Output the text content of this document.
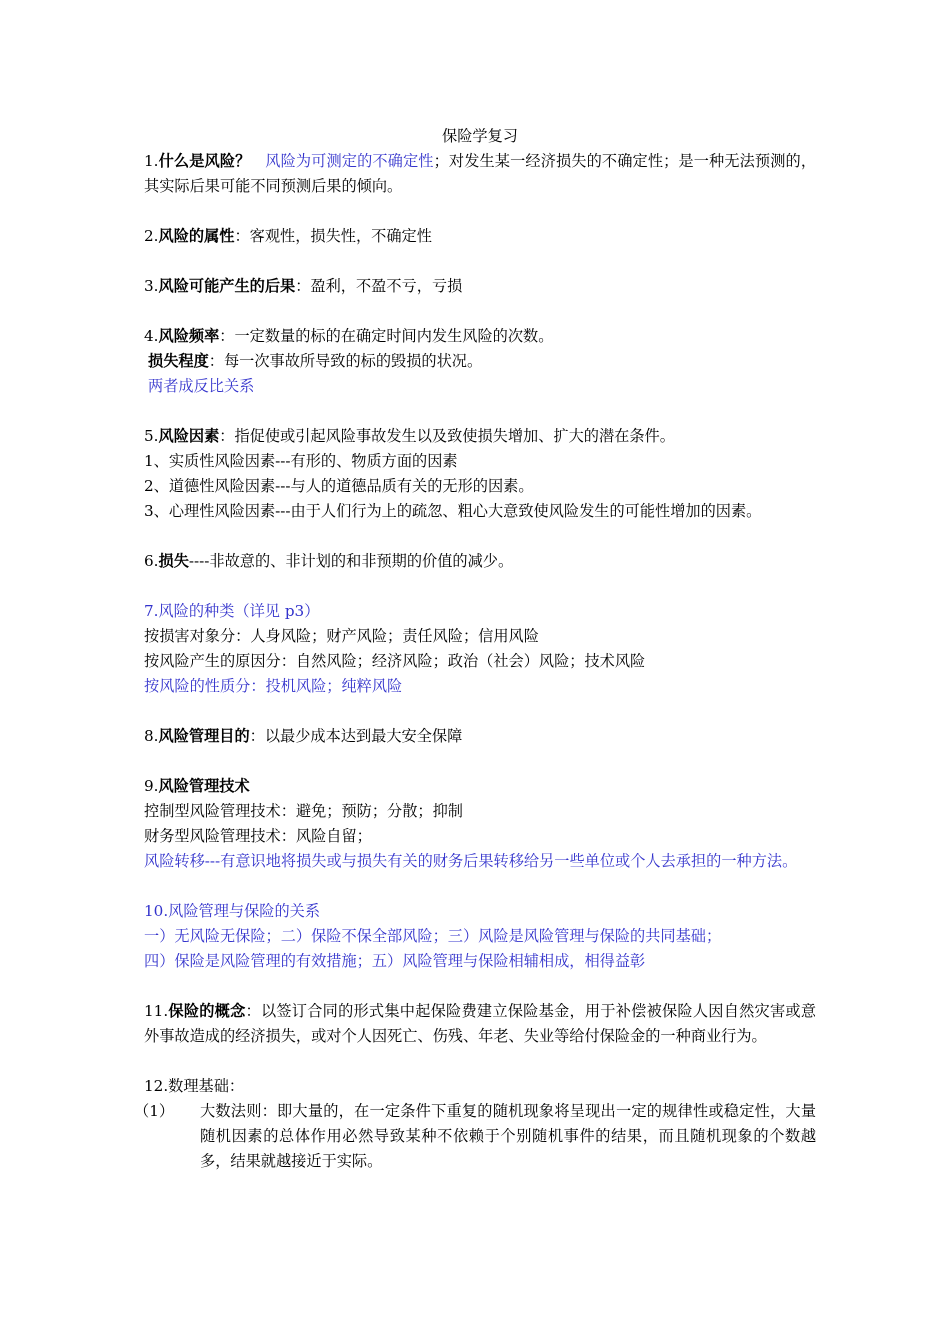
保险学复习
1.什么是风险？ 风险为可测定的不确定性；对发生某一经济损失的不确定性；是一种无法预测的，其实际后果可能不同预测后果的倾向。
2.风险的属性：客观性，损失性，不确定性
3.风险可能产生的后果：盈利，不盈不亏，亏损
4.风险频率：一定数量的标的在确定时间内发生风险的次数。
损失程度：每一次事故所导致的标的毁损的状况。
两者成反比关系
5.风险因素：指促使或引起风险事故发生以及致使损失增加、扩大的潜在条件。
1、实质性风险因素---有形的、物质方面的因素
2、道德性风险因素---与人的道德品质有关的无形的因素。
3、心理性风险因素---由于人们行为上的疏忽、粗心大意致使风险发生的可能性增加的因素。
6.损失----非故意的、非计划的和非预期的价值的减少。
7.风险的种类（详见 p3）
按损害对象分：人身风险；财产风险；责任风险；信用风险
按风险产生的原因分：自然风险；经济风险；政治（社会）风险；技术风险
按风险的性质分：投机风险；纯粹风险
8.风险管理目的：以最少成本达到最大安全保障
9.风险管理技术
控制型风险管理技术：避免；预防；分散；抑制
财务型风险管理技术：风险自留；
风险转移---有意识地将损失或与损失有关的财务后果转移给另一些单位或个人去承担的一种方法。
10.风险管理与保险的关系
一）无风险无保险；二）保险不保全部风险；三）风险是风险管理与保险的共同基础；
四）保险是风险管理的有效措施；五）风险管理与保险相辅相成，相得益彰
11.保险的概念：以签订合同的形式集中起保险费建立保险基金，用于补偿被保险人因自然灾害或意外事故造成的经济损失，或对个人因死亡、伤残、年老、失业等给付保险金的一种商业行为。
12.数理基础：
（1） 大数法则：即大量的，在一定条件下重复的随机现象将呈现出一定的规律性或稳定性，大量随机因素的总体作用必然导致某种不依赖于个别随机事件的结果，而且随机现象的个数越多，结果就越接近于实际。
